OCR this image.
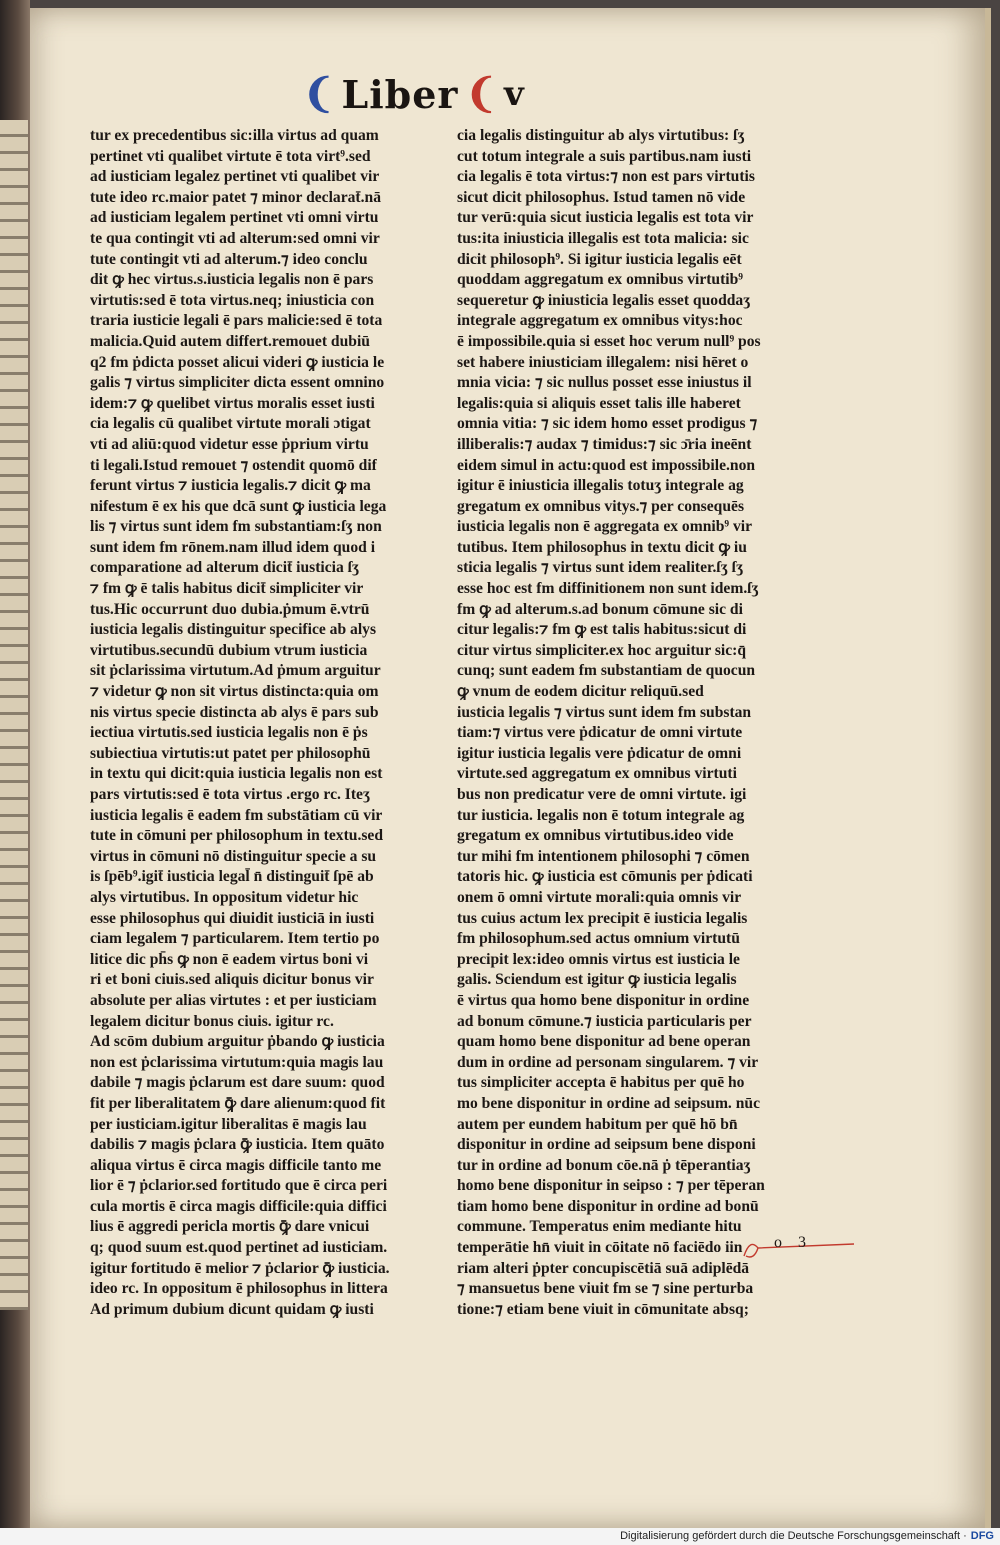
❨ Liber ❨ v
tur ex precedentibus sic:illa virtus ad quam
pertinet vti qualibet virtute ē tota virt⁹.sed
ad iusticiam legalez pertinet vti qualibet vir
tute ideo rc.maior patet ⁊ minor declarat̄.nā
ad iusticiam legalem pertinet vti omni virtu
te qua contingit vti ad alterum:sed omni vir
tute contingit vti ad alterum.⁊ ideo conclu
dit ꝙ hec virtus.s.iusticia legalis non ē pars
virtutis:sed ē tota virtus.neq; iniusticia con
traria iusticie legali ē pars malicie:sed ē tota
malicia.Quid autem differt.remouet dubiū
q2 fm ṗdicta posset alicui videri ꝙ iusticia le
galis ⁊ virtus simpliciter dicta essent omnino
idem:⁊ ꝙ quelibet virtus moralis esset iusti
cia legalis cū qualibet virtute morali ɔtigat
vti ad aliū:quod videtur esse ṗprium virtu
ti legali.Istud remouet ⁊ ostendit quomō dif
ferunt virtus ⁊ iusticia legalis.⁊ dicit ꝙ ma
nifestum ē ex his que dcā sunt ꝙ iusticia lega
lis ⁊ virtus sunt idem fm substantiam:ſʒ non
sunt idem fm rōnem.nam illud idem quod i
comparatione ad alterum dicit̄ iusticia ſʒ
⁊ fm ꝙ ē talis habitus dicit̄ simpliciter vir
tus.Hic occurrunt duo dubia.ṗmum ē.vtrū
iusticia legalis distinguitur specifice ab alys
virtutibus.secundū dubium vtrum iusticia
sit ṗclarissima virtutum.Ad ṗmum arguitur
⁊ videtur ꝙ non sit virtus distincta:quia om
nis virtus specie distincta ab alys ē pars sub
iectiua virtutis.sed iusticia legalis non ē ṗs
subiectiua virtutis:ut patet per philosophū
in textu qui dicit:quia iusticia legalis non est
pars virtutis:sed ē tota virtus .ergo rc. Iteʒ
iusticia legalis ē eadem fm substātiam cū vir
tute in cōmuni per philosophum in textu.sed
virtus in cōmuni nō distinguitur specie a su
is ſpēb⁹.igit̄ iusticia legal̄ n̄ distinguit̄ ſpē ab
alys virtutibus. In oppositum videtur hic
esse philosophus qui diuidit iusticiā in iusti
ciam legalem ⁊ particularem. Item tertio po
litice dic ph̄s ꝙ non ē eadem virtus boni vi
ri et boni ciuis.sed aliquis dicitur bonus vir
absolute per alias virtutes : et per iusticiam
legalem dicitur bonus ciuis. igitur rc.
Ad scōm dubium arguitur ṗbando ꝙ iusticia
non est ṗclarissima virtutum:quia magis lau
dabile ⁊ magis ṗclarum est dare suum: quod
fit per liberalitatem ꝙ̄ dare alienum:quod fit
per iusticiam.igitur liberalitas ē magis lau
dabilis ⁊ magis ṗclara ꝙ̄ iusticia. Item quāto
aliqua virtus ē circa magis difficile tanto me
lior ē ⁊ ṗclarior.sed fortitudo que ē circa peri
cula mortis ē circa magis difficile:quia diffici
lius ē aggredi pericla mortis ꝙ̄ dare vnicui
q; quod suum est.quod pertinet ad iusticiam.
igitur fortitudo ē melior ⁊ ṗclarior ꝙ̄ iusticia.
ideo rc. In oppositum ē philosophus in littera
Ad primum dubium dicunt quidam ꝙ iusti
cia legalis distinguitur ab alys virtutibus: ſʒ
cut totum integrale a suis partibus.nam iusti
cia legalis ē tota virtus:⁊ non est pars virtutis
sicut dicit philosophus. Istud tamen nō vide
tur verū:quia sicut iusticia legalis est tota vir
tus:ita iniusticia illegalis est tota malicia: sic
dicit philosoph⁹. Si igitur iusticia legalis eēt
quoddam aggregatum ex omnibus virtutib⁹
sequeretur ꝙ iniusticia legalis esset quoddaʒ
integrale aggregatum ex omnibus vitys:hoc
ē impossibile.quia si esset hoc verum null⁹ pos
set habere iniusticiam illegalem: nisi hēret o
mnia vicia: ⁊ sic nullus posset esse iniustus il
legalis:quia si aliquis esset talis ille haberet
omnia vitia: ⁊ sic idem homo esset prodigus ⁊
illiberalis:⁊ audax ⁊ timidus:⁊ sic ɔ̄ria ineēnt
eidem simul in actu:quod est impossibile.non
igitur ē iniusticia illegalis totuʒ integrale ag
gregatum ex omnibus vitys.⁊ per consequēs
iusticia legalis non ē aggregata ex omnib⁹ vir
tutibus. Item philosophus in textu dicit ꝙ iu
sticia legalis ⁊ virtus sunt idem realiter.ſʒ ſʒ
esse hoc est fm diffinitionem non sunt idem.ſʒ
fm ꝙ ad alterum.s.ad bonum cōmune sic di
citur legalis:⁊ fm ꝙ est talis habitus:sicut di
citur virtus simpliciter.ex hoc arguitur sic:q̄
cunq; sunt eadem fm substantiam de quocun
ꝙ vnum de eodem dicitur reliquū.sed
iusticia legalis ⁊ virtus sunt idem fm substan
tiam:⁊ virtus vere ṗdicatur de omni virtute
igitur iusticia legalis vere ṗdicatur de omni
virtute.sed aggregatum ex omnibus virtuti
bus non predicatur vere de omni virtute. igi
tur iusticia. legalis non ē totum integrale ag
gregatum ex omnibus virtutibus.ideo vide
tur mihi fm intentionem philosophi ⁊ cōmen
tatoris hic. ꝙ iusticia est cōmunis per ṗdicati
onem ō omni virtute morali:quia omnis vir
tus cuius actum lex precipit ē iusticia legalis
fm philosophum.sed actus omnium virtutū
precipit lex:ideo omnis virtus est iusticia le
galis. Sciendum est igitur ꝙ iusticia legalis
ē virtus qua homo bene disponitur in ordine
ad bonum cōmune.⁊ iusticia particularis per
quam homo bene disponitur ad bene operan
dum in ordine ad personam singularem. ⁊ vir
tus simpliciter accepta ē habitus per quē ho
mo bene disponitur in ordine ad seipsum. nūc
autem per eundem habitum per quē hō bn̄
disponitur in ordine ad seipsum bene disponi
tur in ordine ad bonum cōe.nā ṗ tēperantiaʒ
homo bene disponitur in seipso : ⁊ per tēperan
tiam homo bene disponitur in ordine ad bonū
commune. Temperatus enim mediante hitu
temperātie hn̄ viuit in cōitate nō faciēdo iin
riam alteri ṗpter concupiscētiā suā adiplēdā
⁊ mansuetus bene viuit fm se ⁊ sine perturba
tione:⁊ etiam bene viuit in cōmunitate absq;
o 3
Digitalisierung gefördert durch die Deutsche Forschungsgemeinschaft · DFG
